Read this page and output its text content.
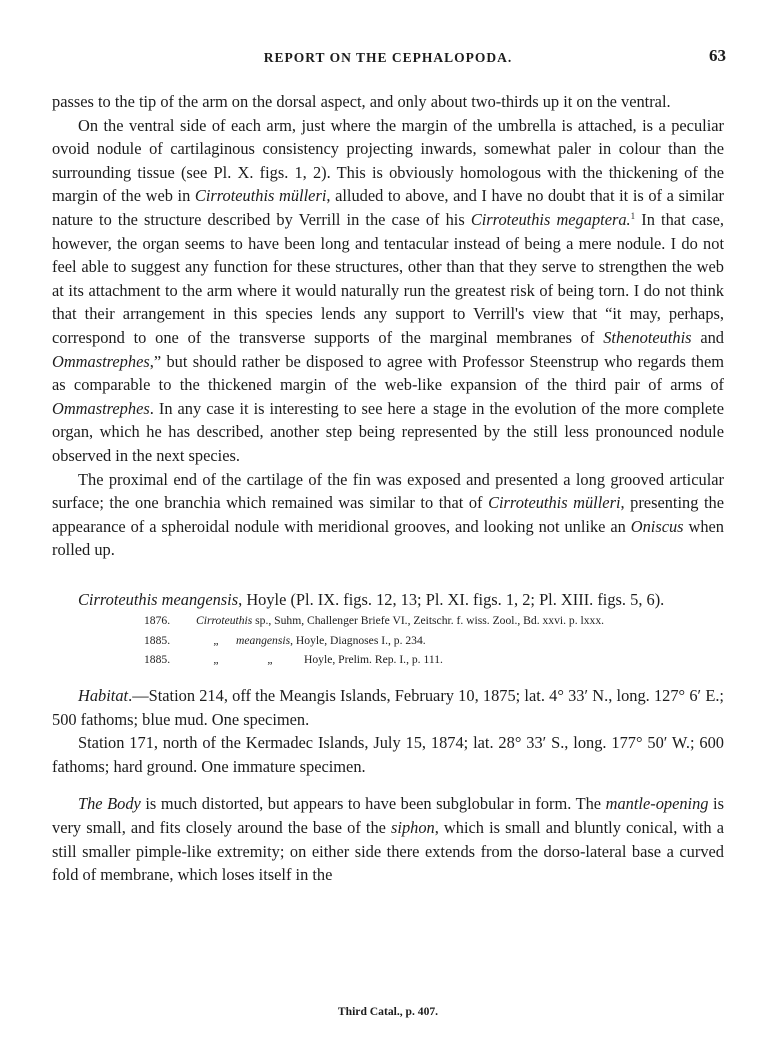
REPORT ON THE CEPHALOPODA.	63

passes to the tip of the arm on the dorsal aspect, and only about two-thirds up it on the ventral.

On the ventral side of each arm, just where the margin of the umbrella is attached, is a peculiar ovoid nodule of cartilaginous consistency projecting inwards, somewhat paler in colour than the surrounding tissue (see Pl. X. figs. 1, 2). This is obviously homologous with the thickening of the margin of the web in Cirroteuthis mülleri, alluded to above, and I have no doubt that it is of a similar nature to the structure described by Verrill in the case of his Cirroteuthis megaptera.$^1$ In that case, however, the organ seems to have been long and tentacular instead of being a mere nodule. I do not feel able to suggest any function for these structures, other than that they serve to strengthen the web at its attachment to the arm where it would naturally run the greatest risk of being torn. I do not think that their arrangement in this species lends any support to Verrill's view that “it may, perhaps, correspond to one of the transverse supports of the marginal membranes of Sthenoteuthis and Ommastrephes,” but should rather be disposed to agree with Professor Steenstrup who regards them as comparable to the thickened margin of the web-like expansion of the third pair of arms of Ommastrephes. In any case it is interesting to see here a stage in the evolution of the more complete organ, which he has described, another step being represented by the still less pronounced nodule observed in the next species.

The proximal end of the cartilage of the fin was exposed and presented a long grooved articular surface; the one branchia which remained was similar to that of Cirroteuthis mülleri, presenting the appearance of a spheroidal nodule with meridional grooves, and looking not unlike an Oniscus when rolled up.

Cirroteuthis meangensis, Hoyle (Pl. IX. figs. 12, 13; Pl. XI. figs. 1, 2; Pl. XIII. figs. 5, 6).

1876.	Cirroteuthis sp., Suhm, Challenger Briefe VI., Zeitschr. f. wiss. Zool., Bd. xxvi. p. lxxx.
1885.	„	meangensis, Hoyle, Diagnoses I., p. 234.
1885.	„	„	Hoyle, Prelim. Rep. I., p. 111.

Habitat.—Station 214, off the Meangis Islands, February 10, 1875; lat. 4° 33′ N., long. 127° 6′ E.; 500 fathoms; blue mud. One specimen.

Station 171, north of the Kermadec Islands, July 15, 1874; lat. 28° 33′ S., long. 177° 50′ W.; 600 fathoms; hard ground. One immature specimen.

The Body is much distorted, but appears to have been subglobular in form. The mantle-opening is very small, and fits closely around the base of the siphon, which is small and bluntly conical, with a still smaller pimple-like extremity; on either side there extends from the dorso-lateral base a curved fold of membrane, which loses itself in the

Third Catal., p. 407.
